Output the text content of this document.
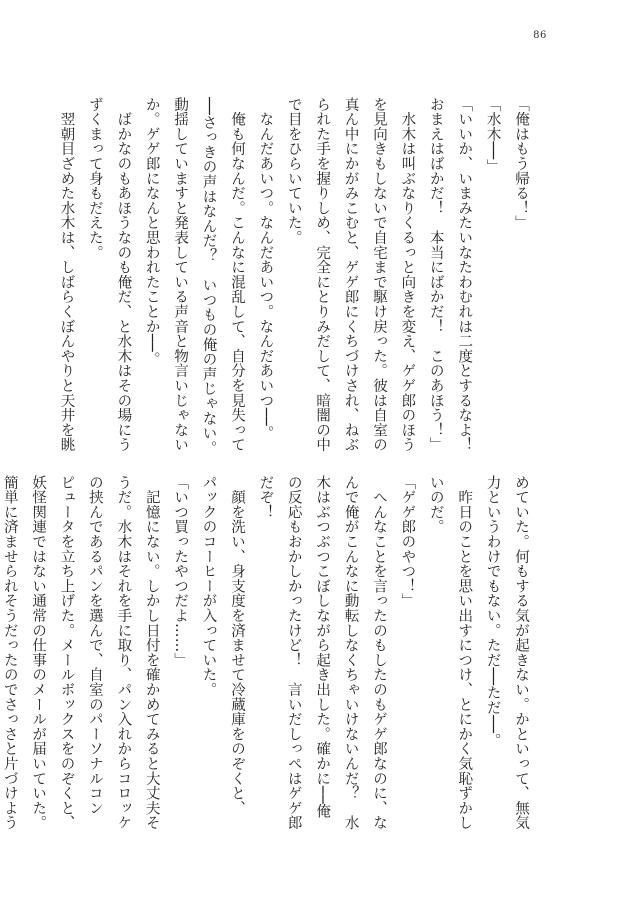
86
「俺はもう帰る！」
「水木──」
「いいか、いまみたいなたわむれは二度とするなよ！
おまえはばかだ！　本当にばかだ！　このあほう！」
　水木は叫ぶなりくるっと向きを変え、ゲゲ郎のほう
を見向きもしないで自宅まで駆け戻った。彼は自室の
真ん中にかがみこむと、ゲゲ郎にくちづけされ、ねぶ
られた手を握りしめ、完全にとりみだして、暗闇の中
で目をひらいていた。
　なんだあいつ。なんだあいつ。なんだあいつ──。
　俺も何なんだ。こんなに混乱して、自分を見失って
──さっきの声はなんだ？　いつもの俺の声じゃない。
動揺していますと発表している声音と物言いじゃない
か。ゲゲ郎になんと思われたことか──。
　ばかなのもあほうなのも俺だ、と水木はその場にう
ずくまって身もだえた。
　翌朝目ざめた水木は、しばらくぼんやりと天井を眺
めていた。何もする気が起きない。かといって、無気
力というわけでもない。ただ──ただ──。
　昨日のことを思い出すにつけ、とにかく気恥ずかし
いのだ。
「ゲゲ郎のやつ！」
　へんなことを言ったのもしたのもゲゲ郎なのに、な
んで俺がこんなに動転しなくちゃいけないんだ？　水
木はぶつぶつこぼしながら起き出した。確かに──俺
の反応もおかしかったけど！　言いだしっぺはゲゲ郎
だぞ！
　顔を洗い、身支度を済ませて冷蔵庫をのぞくと、
パックのコーヒーが入っていた。
「いつ買ったやつだよ……」
　記憶にない。しかし日付を確かめてみると大丈夫そ
うだ。水木はそれを手に取り、パン入れからコロッケ
の挟んであるパンを選んで、自室のパーソナルコン
ピュータを立ち上げた。メールボックスをのぞくと、
妖怪関連ではない通常の仕事のメールが届いていた。
簡単に済ませられそうだったのでさっさと片づけよう
